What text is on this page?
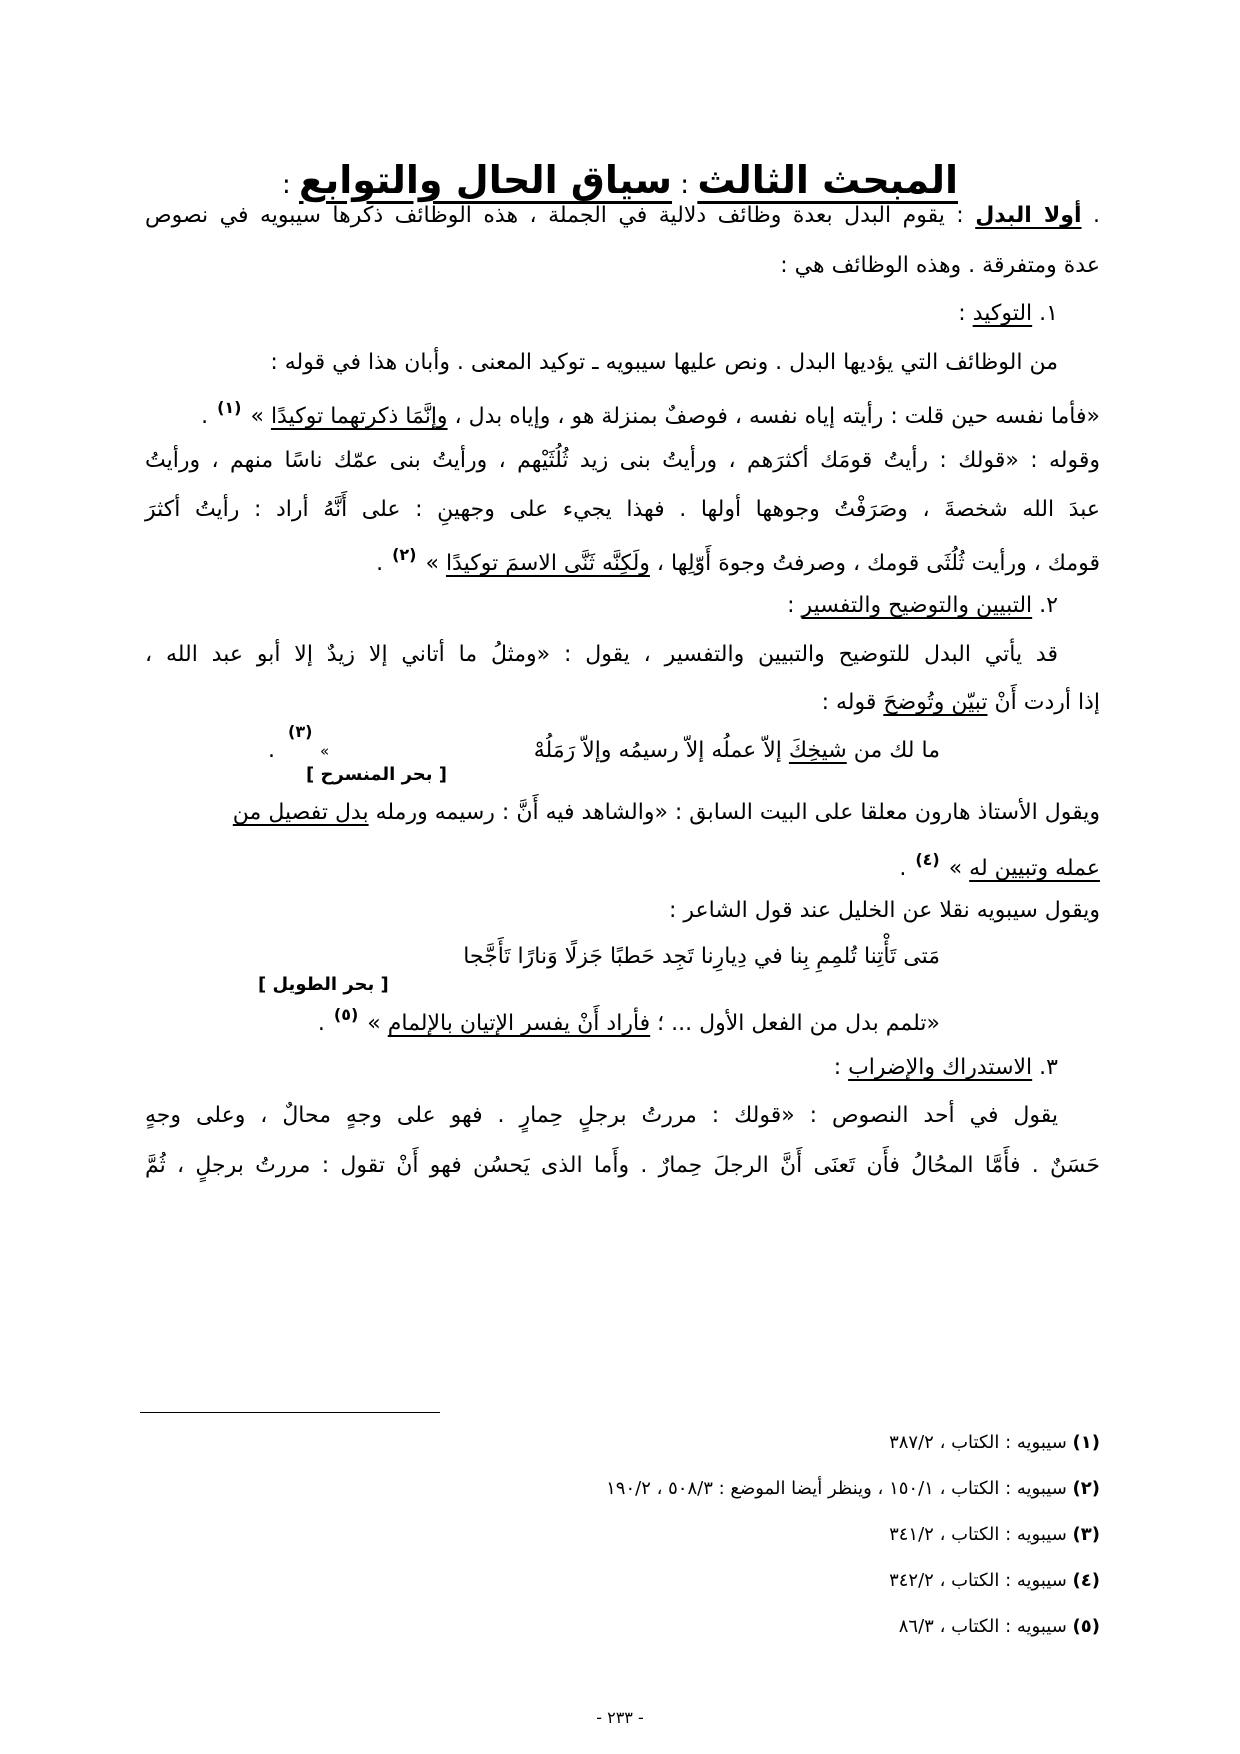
المبحث الثالث : سياق الحال والتوابع :
. أولا البدل : يقوم البدل بعدة وظائف دلالية في الجملة ، هذه الوظائف ذكرها سيبويه في نصوص
عدة ومتفرقة . وهذه الوظائف هي :
١. التوكيد :
من الوظائف التي يؤديها البدل . ونص عليها سيبويه ـ توكيد المعنى . وأبان هذا في قوله :
«فأما نفسه حين قلت : رأيته إياه نفسه ، فوصفٌ بمنزلة هو ، وإياه بدل ، وإنَّمَا ذكرتهما توكيدًا » $^{(١)}$ .
وقوله : «قولك : رأيتُ قومَك أكثرَهم ، ورأيتُ بنى زيد ثُلُثَيْهم ، ورأيتُ بنى عمّك ناسًا منهم ، ورأيتُ
عبدَ الله شخصةَ ، وصَرَفْتُ وجوهها أولها . فهذا يجيء على وجهينِ : على أَنَّهُ أراد : رأيتُ أكثرَ
قومك ، ورأيت ثُلُثَى قومك ، وصرفتُ وجوهَ أَوّلِها ، ولَكِنَّه ثَنَّى الاسمَ توكيدًا » $^{(٢)}$ .
٢. التبيين والتوضيح والتفسير :
قد يأتي البدل للتوضيح والتبيين والتفسير ، يقول : «ومثلُ ما أتاني إلا زيدٌ إلا أبو عبد الله ،
إذا أردت أَنْ تبيّن وتُوضحَ قوله :
ما لك من شيخِكَ إلاّ عملُه إلاّ رسيمُه وإلاّ رَمَلُهْ
»
(٣)
.
[ بحر المنسرح ]
ويقول الأستاذ هارون معلقا على البيت السابق : «والشاهد فيه أَنَّ : رسيمه ورمله بدل تفصيل من
عمله وتبيين له » $^{(٤)}$ .
ويقول سيبويه نقلا عن الخليل عند قول الشاعر :
مَتى تَأْتِنا تُلمِمِ بِنا في دِيارِنا تَجِد حَطبًا جَزلًا وَنارًا تَأَجَّجا
[ بحر الطويل ]
«تلمم بدل من الفعل الأول ... ؛ فأراد أَنْ يفسر الإتيان بالإلمام » $^{(٥)}$ .
٣. الاستدراك والإضراب :
يقول في أحد النصوص : «قولك : مررتُ برجلٍ حِمارٍ . فهو على وجهٍ محالٌ ، وعلى وجهٍ
حَسَنٌ . فأَمَّا المحُالُ فأَن تَعنَى أَنَّ الرجلَ حِمارٌ . وأَما الذى يَحسُن فهو أَنْ تقول : مررتُ برجلٍ ، ثُمَّ
(١) سيبويه : الكتاب ، ٣٨٧/٢
(٢) سيبويه : الكتاب ، ١٥٠/١ ، وينظر أيضا الموضع : ٥٠٨/٣ ، ١٩٠/٢
(٣) سيبويه : الكتاب ، ٣٤١/٢
(٤) سيبويه : الكتاب ، ٣٤٢/٢
(٥) سيبويه : الكتاب ، ٨٦/٣
- ٢٣٣ -
